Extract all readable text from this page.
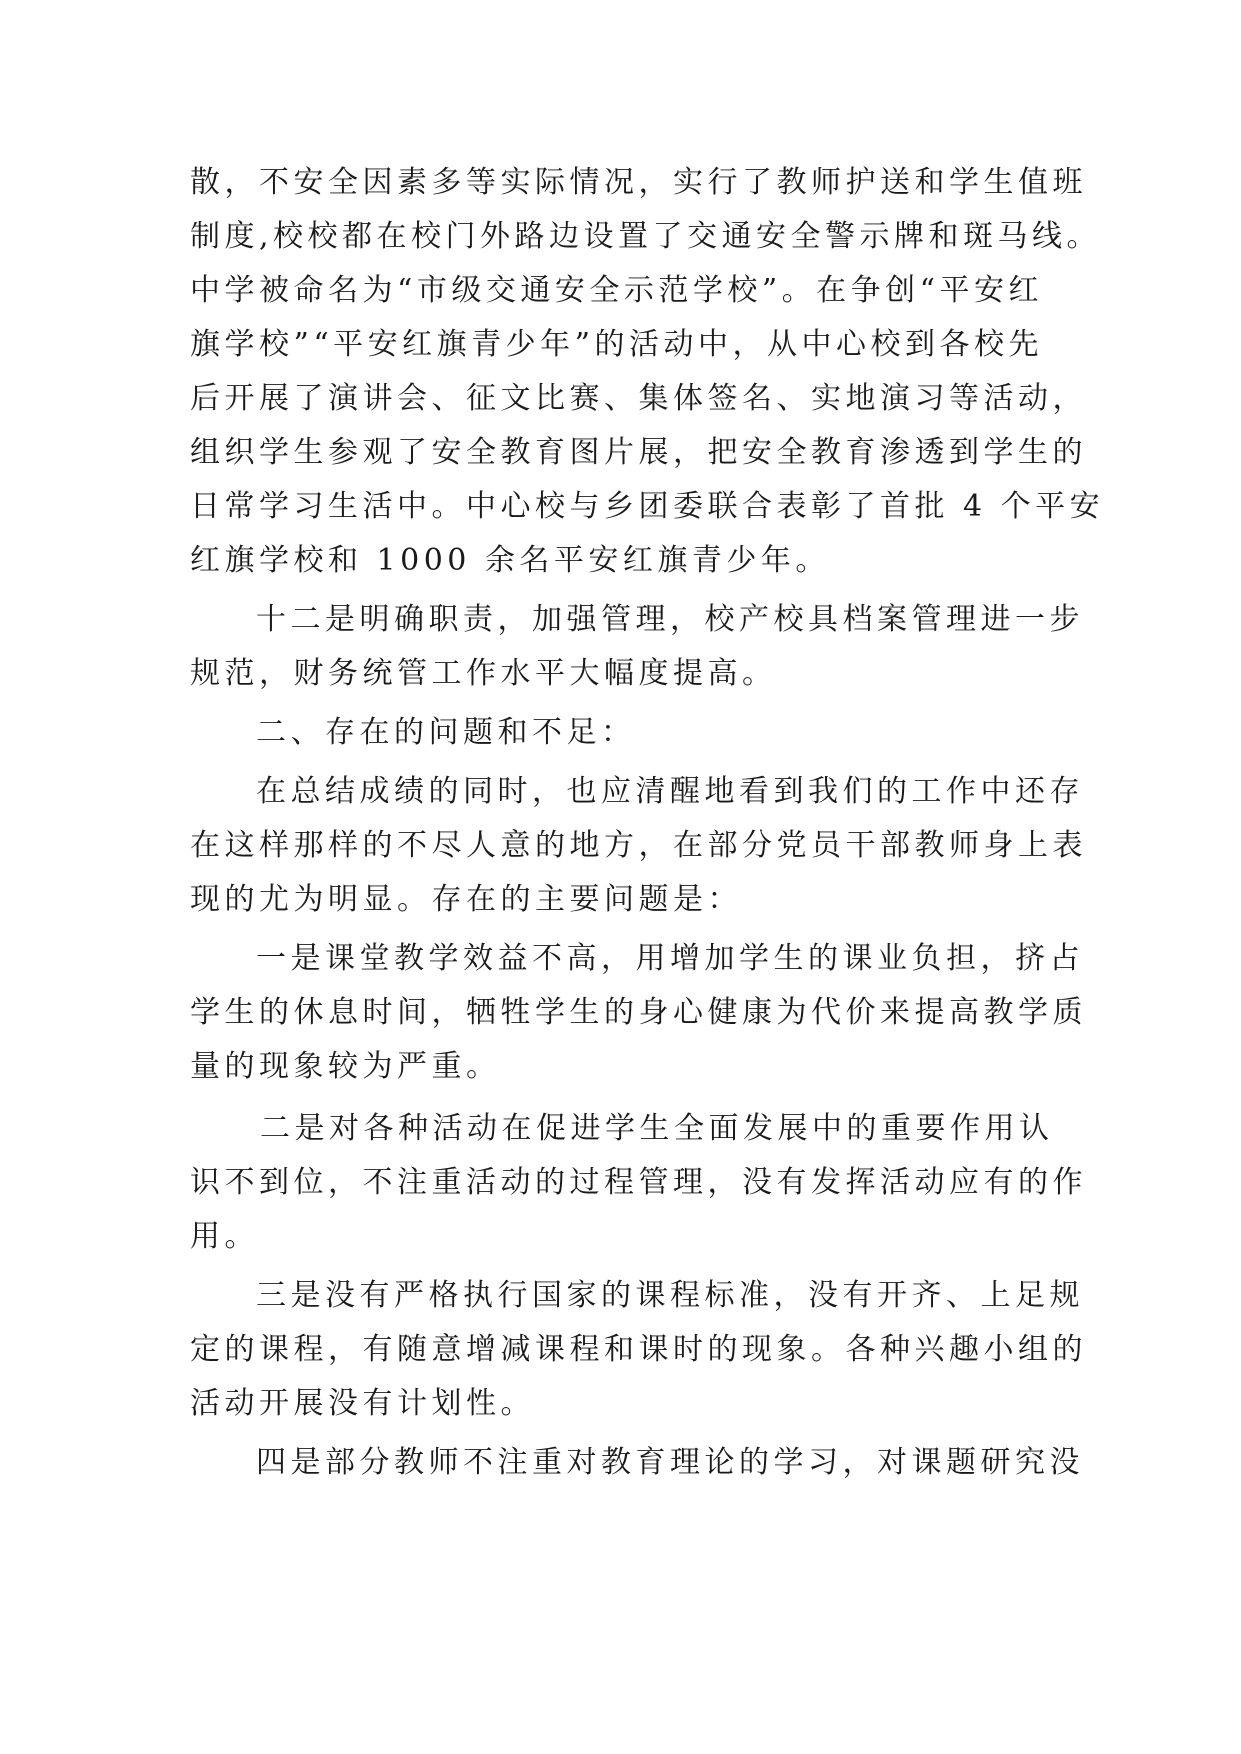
散，不安全因素多等实际情况，实行了教师护送和学生值班
制度,校校都在校门外路边设置了交通安全警示牌和斑马线。
中学被命名为“市级交通安全示范学校”。在争创“平安红
旗学校”“平安红旗青少年”的活动中，从中心校到各校先
后开展了演讲会、征文比赛、集体签名、实地演习等活动，
组织学生参观了安全教育图片展，把安全教育渗透到学生的
日常学习生活中。中心校与乡团委联合表彰了首批 4 个平安
红旗学校和 1000 余名平安红旗青少年。
十二是明确职责，加强管理，校产校具档案管理进一步
规范，财务统管工作水平大幅度提高。
二、存在的问题和不足：
在总结成绩的同时，也应清醒地看到我们的工作中还存
在这样那样的不尽人意的地方，在部分党员干部教师身上表
现的尤为明显。存在的主要问题是：
一是课堂教学效益不高，用增加学生的课业负担，挤占
学生的休息时间，牺牲学生的身心健康为代价来提高教学质
量的现象较为严重。
二是对各种活动在促进学生全面发展中的重要作用认
识不到位，不注重活动的过程管理，没有发挥活动应有的作
用。
三是没有严格执行国家的课程标准，没有开齐、上足规
定的课程，有随意增减课程和课时的现象。各种兴趣小组的
活动开展没有计划性。
四是部分教师不注重对教育理论的学习，对课题研究没
